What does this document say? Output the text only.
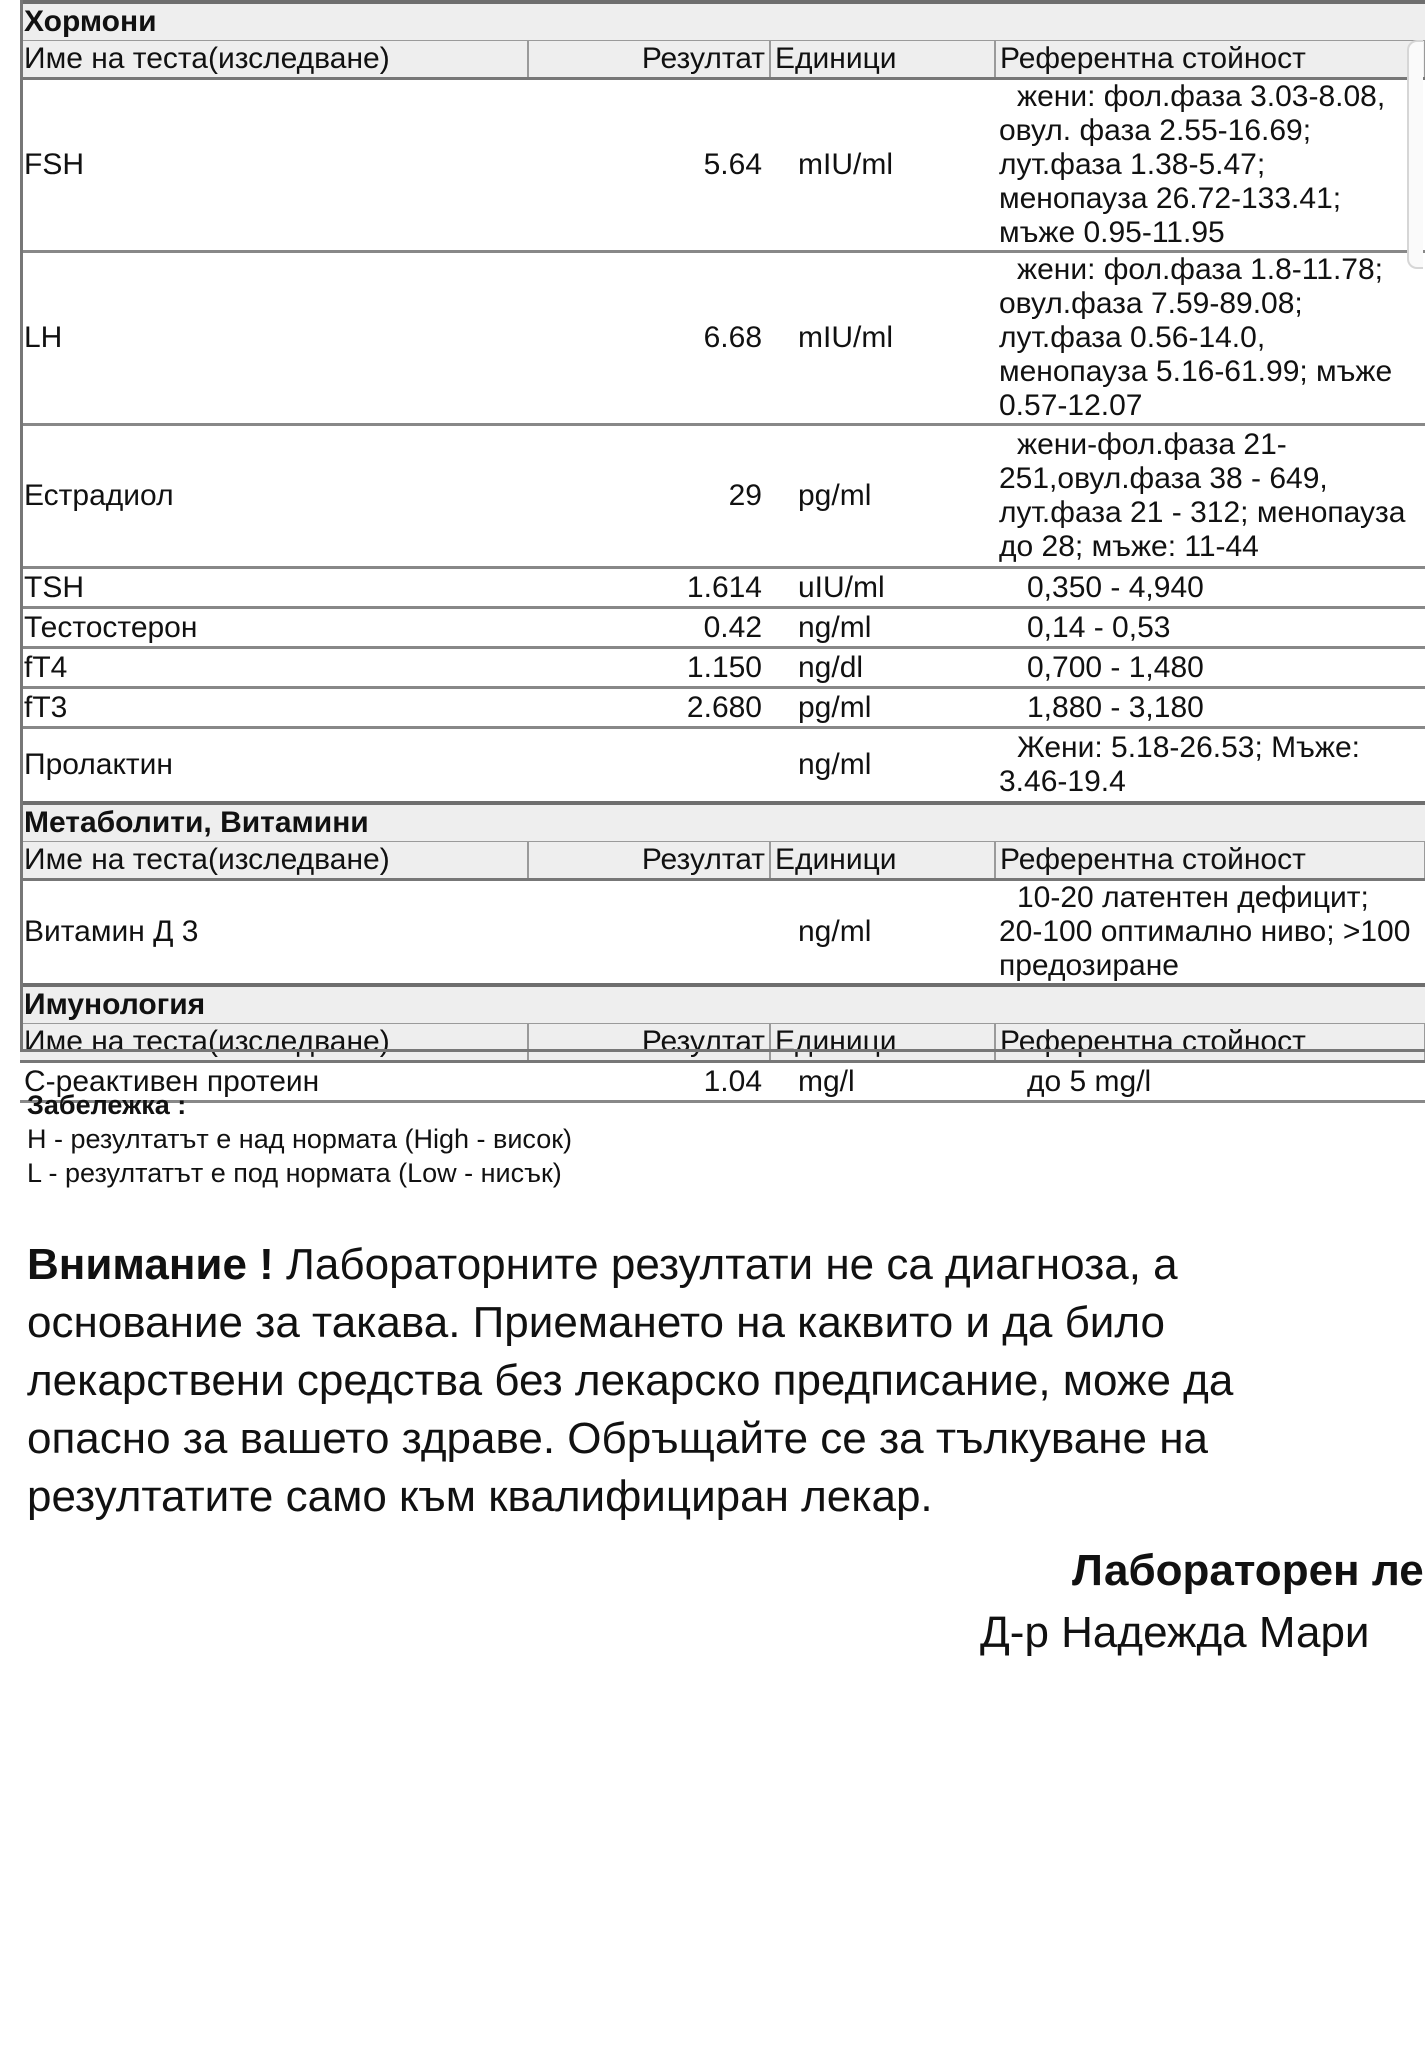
Хормони			
Име на теста(изследване)	Резултат	Единици	Референтна стойност
FSH	5.64	mIU/ml	жени: фол.фаза 3.03-8.08, овул. фаза 2.55-16.69; лут.фаза 1.38-5.47; менопауза 26.72-133.41; мъже 0.95-11.95
LH	6.68	mIU/ml	жени: фол.фаза 1.8-11.78; овул.фаза 7.59-89.08; лут.фаза 0.56-14.0, менопауза 5.16-61.99; мъже 0.57-12.07
Естрадиол	29	pg/ml	жени-фол.фаза 21-251,овул.фаза 38 - 649, лут.фаза 21 - 312; менопауза до 28; мъже: 11-44
TSH	1.614	uIU/ml	0,350 - 4,940
Тестостерон	0.42	ng/ml	0,14 - 0,53
fT4	1.150	ng/dl	0,700 - 1,480
fT3	2.680	pg/ml	1,880 - 3,180
Пролактин		ng/ml	Жени: 5.18-26.53; Мъже: 3.46-19.4
Метаболити, Витамини			
Име на теста(изследване)	Резултат	Единици	Референтна стойност
Витамин Д 3		ng/ml	10-20 латентен дефицит; 20-100 оптимално ниво; >100 предозиране
Имунология			
Име на теста(изследване)	Резултат	Единици	Референтна стойност
С-реактивен протеин	1.04	mg/l	до 5 mg/l
Забележка :
H - резултатът е над нормата (High - висок)
L - резултатът е под нормата (Low - нисък)
Внимание ! Лабораторните резултати не са диагноза, а
основание за такава. Приемането на каквито и да било
лекарствени средства без лекарско предписание, може да
опасно за вашето здраве. Обръщайте се за тълкуване на
резултатите само към квалифициран лекар.
Лабораторен ле
Д-р Надежда Мари
